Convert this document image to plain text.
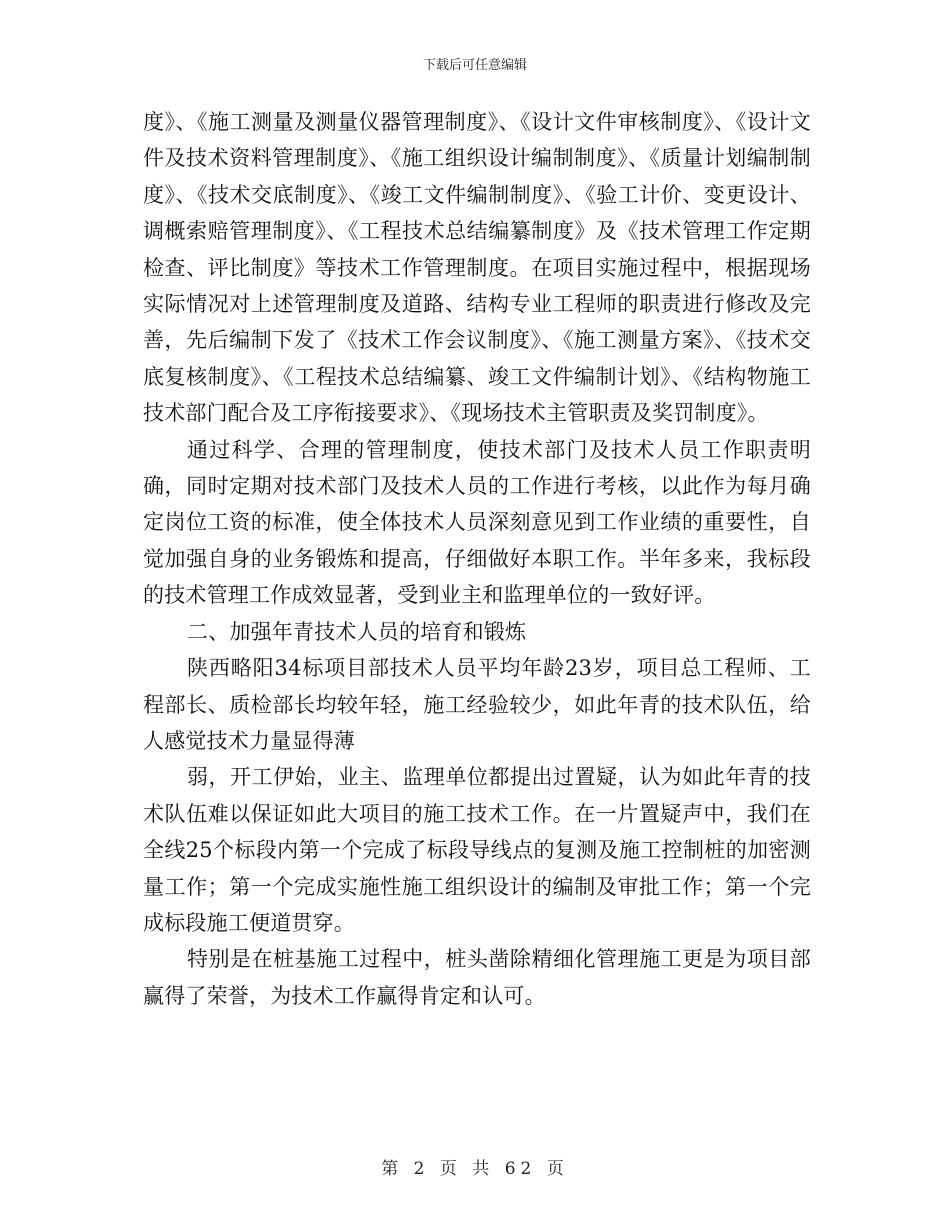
下载后可任意编辑

度》、《施工测量及测量仪器管理制度》、《设计文件审核制度》、《设计文件及技术资料管理制度》、《施工组织设计编制制度》、《质量计划编制制度》、《技术交底制度》、《竣工文件编制制度》、《验工计价、变更设计、调概索赔管理制度》、《工程技术总结编纂制度》及《技术管理工作定期检查、评比制度》等技术工作管理制度。在项目实施过程中，根据现场实际情况对上述管理制度及道路、结构专业工程师的职责进行修改及完善，先后编制下发了《技术工作会议制度》、《施工测量方案》、《技术交底复核制度》、《工程技术总结编纂、竣工文件编制计划》、《结构物施工技术部门配合及工序衔接要求》、《现场技术主管职责及奖罚制度》。

通过科学、合理的管理制度，使技术部门及技术人员工作职责明确，同时定期对技术部门及技术人员的工作进行考核，以此作为每月确定岗位工资的标准，使全体技术人员深刻意见到工作业绩的重要性，自觉加强自身的业务锻炼和提高，仔细做好本职工作。半年多来，我标段的技术管理工作成效显著，受到业主和监理单位的一致好评。

二、加强年青技术人员的培育和锻炼

陕西略阳34标项目部技术人员平均年龄23岁，项目总工程师、工程部长、质检部长均较年轻，施工经验较少，如此年青的技术队伍，给人感觉技术力量显得薄

弱，开工伊始，业主、监理单位都提出过置疑，认为如此年青的技术队伍难以保证如此大项目的施工技术工作。在一片置疑声中，我们在全线25个标段内第一个完成了标段导线点的复测及施工控制桩的加密测量工作；第一个完成实施性施工组织设计的编制及审批工作；第一个完成标段施工便道贯穿。

特别是在桩基施工过程中，桩头凿除精细化管理施工更是为项目部赢得了荣誉，为技术工作赢得肯定和认可。

第 2 页 共 62 页
